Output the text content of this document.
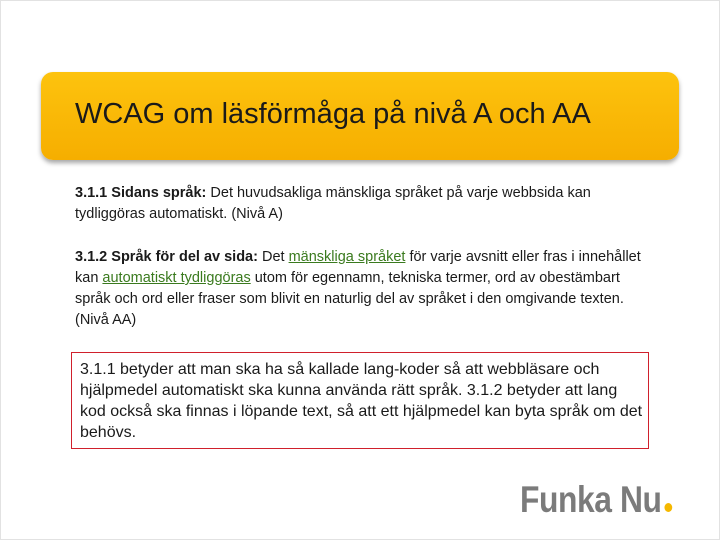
WCAG om läsförmåga på nivå A och AA
3.1.1 Sidans språk: Det huvudsakliga mänskliga språket på varje webbsida kan tydliggöras automatiskt. (Nivå A)
3.1.2 Språk för del av sida: Det mänskliga språket för varje avsnitt eller fras i innehållet kan automatiskt tydliggöras utom för egennamn, tekniska termer, ord av obestämbart språk och ord eller fraser som blivit en naturlig del av språket i den omgivande texten. (Nivå AA)
3.1.1 betyder att man ska ha så kallade lang-koder så att webbläsare och hjälpmedel automatiskt ska kunna använda rätt språk. 3.1.2 betyder att lang kod också ska finnas i löpande text, så att ett hjälpmedel kan byta språk om det behövs.
Funka Nu
